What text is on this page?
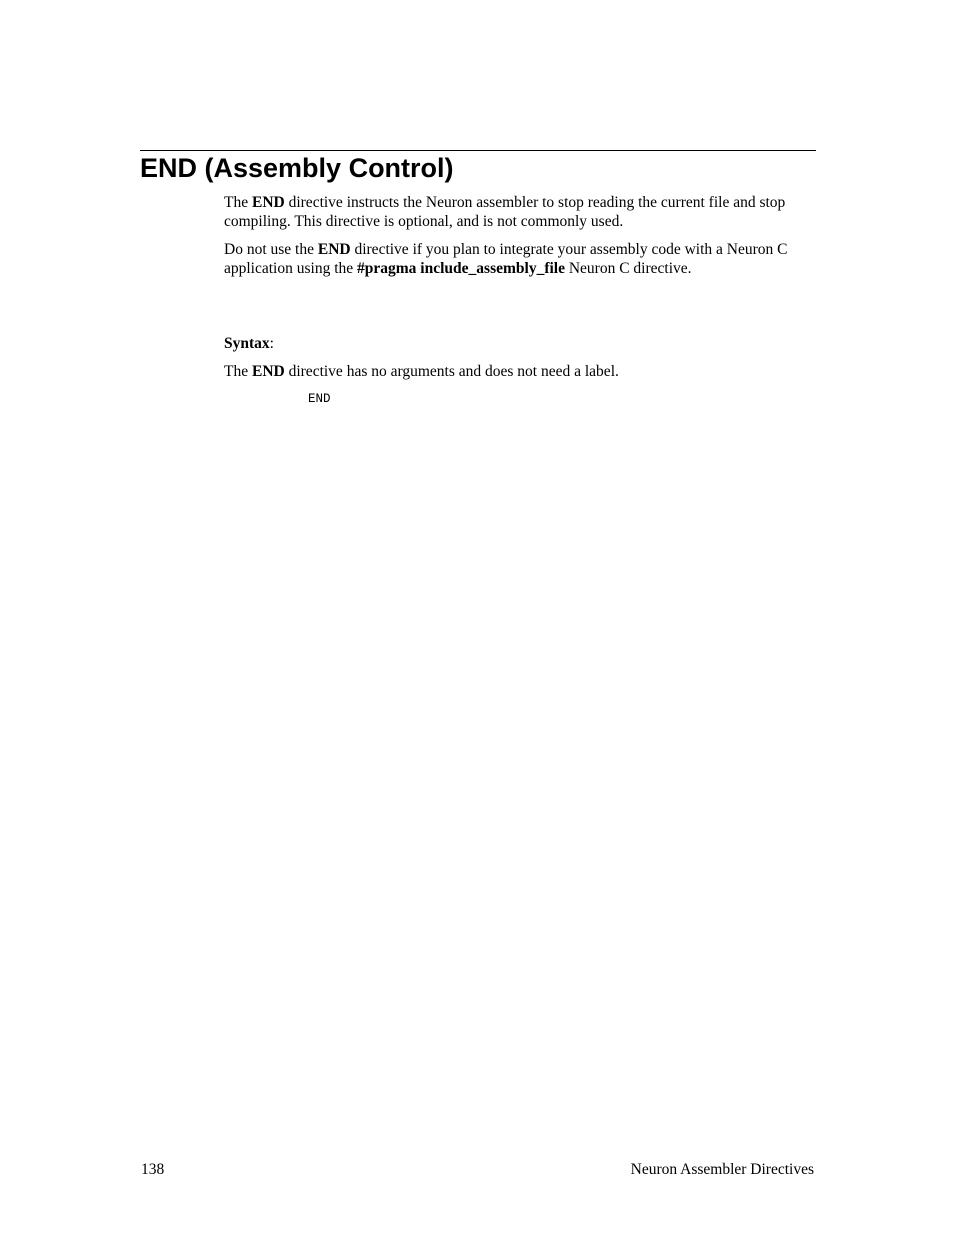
END (Assembly Control)

The END directive instructs the Neuron assembler to stop reading the current file and stop compiling. This directive is optional, and is not commonly used.

Do not use the END directive if you plan to integrate your assembly code with a Neuron C application using the #pragma include_assembly_file Neuron C directive.

Syntax:

The END directive has no arguments and does not need a label.

END
138	Neuron Assembler Directives
